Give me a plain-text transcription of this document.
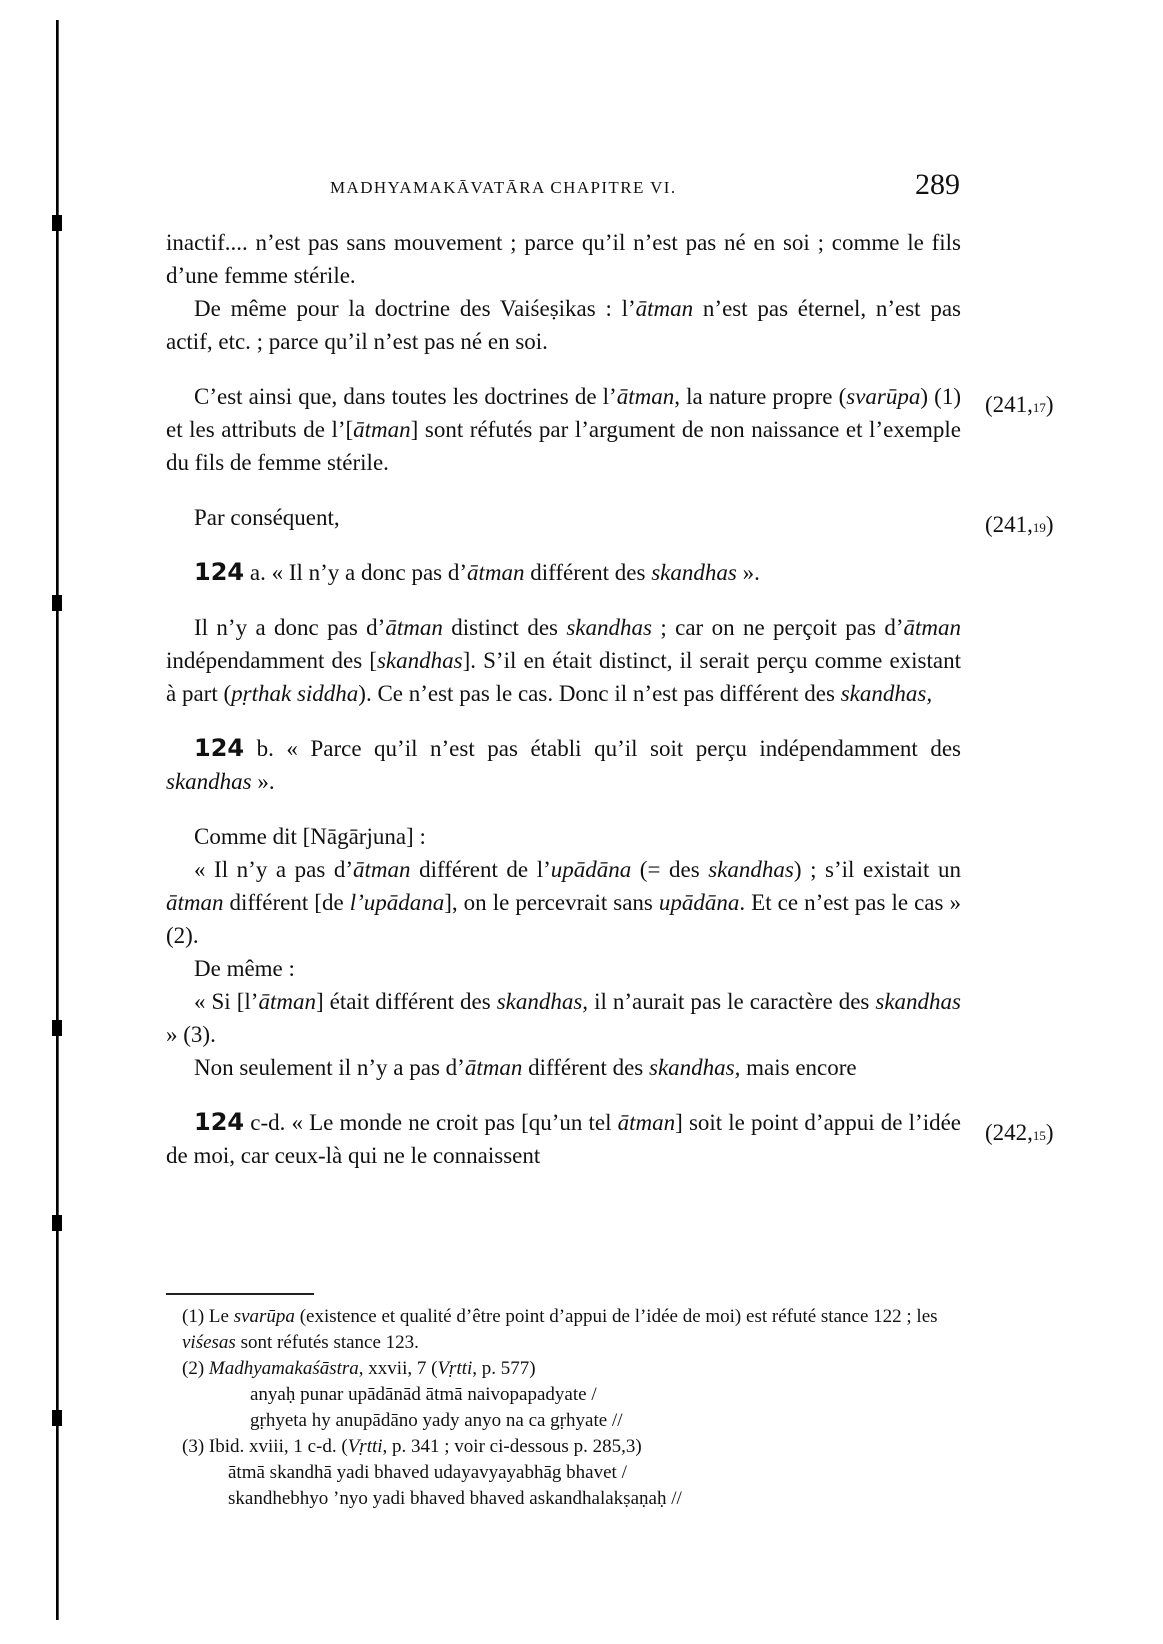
MADHYAMAKĀVATĀRA CHAPITRE VI.	289

inactif.... n’est pas sans mouvement ; parce qu’il n’est pas né en soi ; comme le fils d’une femme stérile.

De même pour la doctrine des Vaiśeṣikas : l’ātman n’est pas éternel, n’est pas actif, etc. ; parce qu’il n’est pas né en soi.

C’est ainsi que, dans toutes les doctrines de l’ātman, la nature propre (svarūpa) (1) et les attributs de l’[ātman] sont réfutés par l’argument de non naissance et l’exemple du fils de femme stérile.

Par conséquent,

124 a. « Il n’y a donc pas d’ātman différent des skandhas ».

Il n’y a donc pas d’ātman distinct des skandhas ; car on ne perçoit pas d’ātman indépendamment des [skandhas]. S’il en était distinct, il serait perçu comme existant à part (pṛthak siddha). Ce n’est pas le cas. Donc il n’est pas différent des skandhas,

124 b. « Parce qu’il n’est pas établi qu’il soit perçu indépendamment des skandhas ».

Comme dit [Nāgārjuna] :

« Il n’y a pas d’ātman différent de l’upādāna (= des skandhas) ; s’il existait un ātman différent [de l’upādana], on le percevrait sans upādāna. Et ce n’est pas le cas » (2).

De même :

« Si [l’ātman] était différent des skandhas, il n’aurait pas le caractère des skandhas » (3).

Non seulement il n’y a pas d’ātman différent des skandhas, mais encore

124 c-d. « Le monde ne croit pas [qu’un tel ātman] soit le point d’appui de l’idée de moi, car ceux-là qui ne le connaissent

(241,17)
(241,19)
(242,15)

(1) Le svarūpa (existence et qualité d’être point d’appui de l’idée de moi) est réfuté stance 122 ; les viśesas sont réfutés stance 123.

(2) Madhyamakaśāstra, xxvii, 7 (Vṛtti, p. 577)

anyaḥ punar upādānād ātmā naivopapadyate /

gṛhyeta hy anupādāno yady anyo na ca gṛhyate //

(3) Ibid. xviii, 1 c-d. (Vṛtti, p. 341 ; voir ci-dessous p. 285,3)

ātmā skandhā yadi bhaved udayavyayabhāg bhavet /

skandhebhyo ’nyo yadi bhaved bhaved askandhalakṣaṇaḥ //
